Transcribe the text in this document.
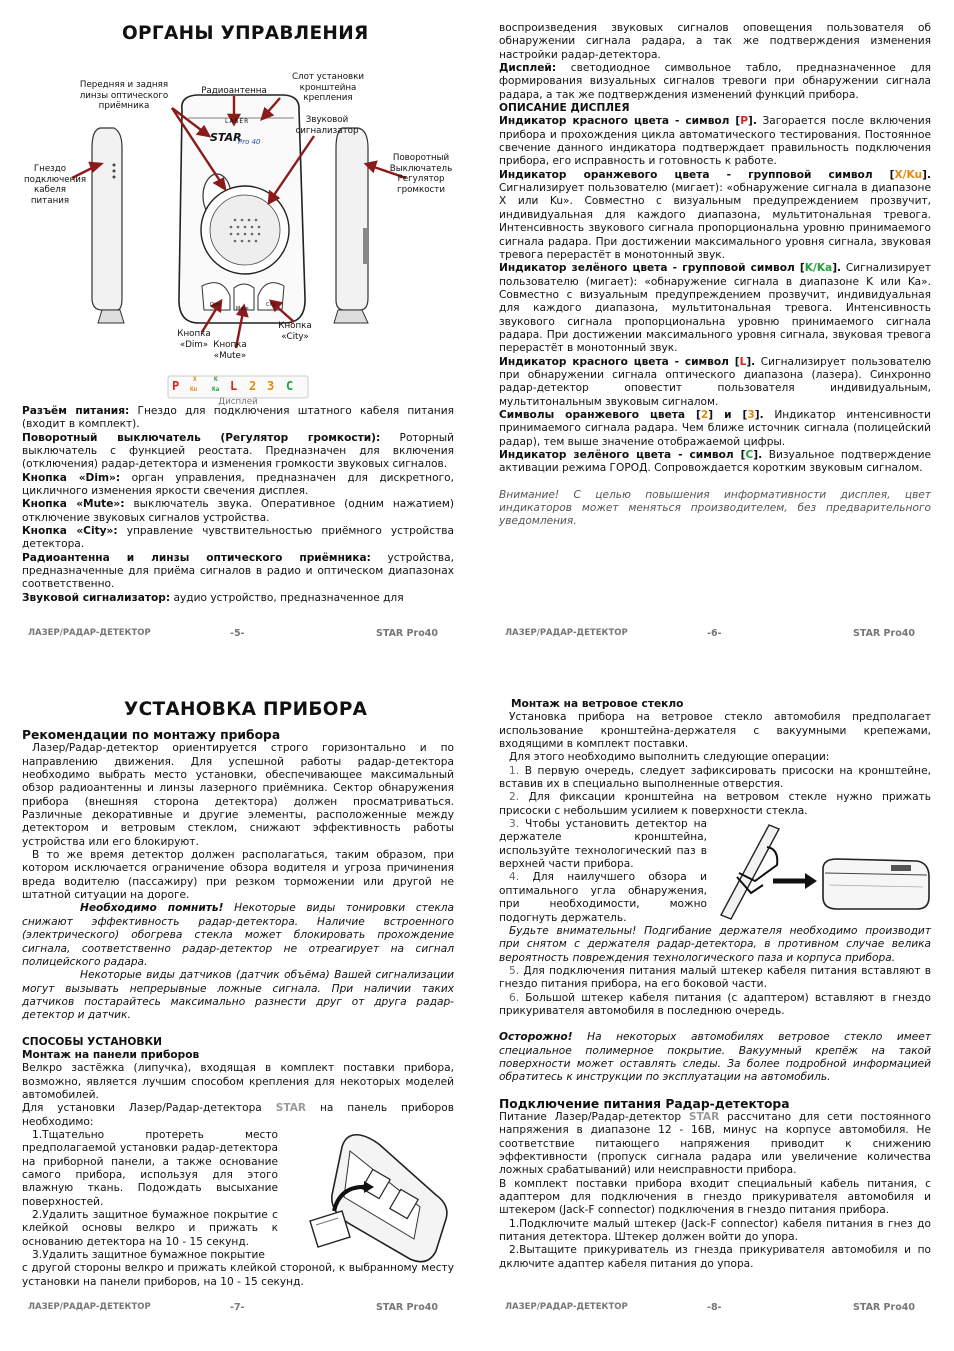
ОРГАНЫ УПРАВЛЕНИЯ
Передняя и задняя линзы оптического приёмника
Радиоантенна
Слот установки кронштейна крепления
Звуковой сигнализатор
Гнездо подключения кабеля питания
Поворотный Выключатель Регулятор громкости
Кнопка «Dim» Кнопка «Mute»
Кнопка «City»
LASER
STAR
Pro 40
Dim
Mute
City
P X
Ku
K
Ka L 2 3 C
Дисплей

Разъём питания: Гнездо для подключения штатного кабеля питания (входит в комплект).

Поворотный выключатель (Регулятор громкости): Роторный выключатель с функцией реостата. Предназначен для включения (отключения) радар-детектора и изменения громкости звуковых сигналов.

Кнопка «Dim»: орган управления, предназначен для дискретного, цикличного изменения яркости свечения дисплея.

Кнопка «Mute»: выключатель звука. Оперативное (одним нажатием) отключение звуковых сигналов устройства.

Кнопка «City»: управление чувствительностью приёмного устройства детектора.

Радиоантенна и линзы оптического приёмника: устройства, предназначенные для приёма сигналов в радио и оптическом диапазонах соответственно.

Звуковой сигнализатор: аудио устройство, предназначенное для

ЛАЗЕР/РАДАР-ДЕТЕКТОР	-5-	STAR Pro40

воспроизведения звуковых сигналов оповещения пользователя об обнаружении сигнала радара, а так же подтверждения изменения настройки радар-детектора.

Дисплей: светодиодное символьное табло, предназначенное для формирования визуальных сигналов тревоги при обнаружении сигнала радара, а так же подтверждения изменений функций прибора.

ОПИСАНИЕ ДИСПЛЕЯ

Индикатор красного цвета - символ [P]. Загорается после включения прибора и прохождения цикла автоматического тестирования. Постоянное свечение данного индикатора подтверждает правильность подключения прибора, его исправность и готовность к работе.

Индикатор оранжевого цвета - групповой символ [X/Ku]. Сигнализирует пользователю (мигает): «обнаружение сигнала в диапазоне X или Ku». Совместно с визуальным предупреждением прозвучит, индивидуальная для каждого диапазона, мультитональная тревога. Интенсивность звукового сигнала пропорциональна уровню принимаемого сигнала радара. При достижении максимального уровня сигнала, звуковая тревога перерастёт в монотонный звук.

Индикатор зелёного цвета - групповой символ [K/Ka]. Сигнализирует пользователю (мигает): «обнаружение сигнала в диапазоне K или Ka». Совместно с визуальным предупреждением прозвучит, индивидуальная для каждого диапазона, мультитональная тревога. Интенсивность звукового сигнала пропорциональна уровню принимаемого сигнала радара. При достижении максимального уровня сигнала, звуковая тревога перерастёт в монотонный звук.

Индикатор красного цвета - символ [L]. Сигнализирует пользователю при обнаружении сигнала оптического диапазона (лазера). Синхронно радар-детектор оповестит пользователя индивидуальным, мультитональным звуковым сигналом.

Символы оранжевого цвета [2] и [3]. Индикатор интенсивности принимаемого сигнала радара. Чем ближе источник сигнала (полицейский радар), тем выше значение отображаемой цифры.

Индикатор зелёного цвета - символ [C]. Визуальное подтверждение активации режима ГОРОД. Сопровождается коротким звуковым сигналом.

Внимание! С целью повышения информативности дисплея, цвет индикаторов может меняться производителем, без предварительного уведомления.

ЛАЗЕР/РАДАР-ДЕТЕКТОР	-6-	STAR Pro40
УСТАНОВКА ПРИБОРА

Рекомендации по монтажу прибора

Лазер/Радар-детектор ориентируется строго горизонтально и по направлению движения. Для успешной работы радар-детектора необходимо выбрать место установки, обеспечивающее максимальный обзор радиоантенны и линзы лазерного приёмника. Сектор обнаружения прибора (внешняя сторона детектора) должен просматриваться. Различные декоративные и другие элементы, расположенные между детектором и ветровым стеклом, снижают эффективность работы устройства или его блокируют.

В то же время детектор должен располагаться, таким образом, при котором исключается ограничение обзора водителя и угроза причинения вреда водителю (пассажиру) при резком торможении или другой не штатной ситуации на дороге.

Необходимо помнить! Некоторые виды тонировки стекла снижают эффективность радар-детектора. Наличие встроенного (электрического) обогрева стекла может блокировать прохождение сигнала, соответственно радар-детектор не отреагирует на сигнал полицейского радара.

Некоторые виды датчиков (датчик объёма) Вашей сигнализации могут вызывать непрерывные ложные сигнала. При наличии таких датчиков постарайтесь максимально разнести друг от друга радар-детектор и датчик.

СПОСОБЫ УСТАНОВКИ

Монтаж на панели приборов

Велкро застёжка (липучка), входящая в комплект поставки прибора, возможно, является лучшим способом крепления для некоторых моделей автомобилей.

Для установки Лазер/Радар-детектора STAR на панель приборов необходимо:

1.Тщательно протереть место предполагаемой установки радар-детектора на приборной панели, а также основание самого прибора, используя для этого влажную ткань. Подождать высыхание поверхностей.

2.Удалить защитное бумажное покрытие с клейкой основы велкро и прижать к основанию детектора на 10 - 15 секунд.

3.Удалить защитное бумажное покрытие

с другой стороны велкро и прижать клейкой стороной, к выбранному месту установки на панели приборов, на 10 - 15 секунд.

ЛАЗЕР/РАДАР-ДЕТЕКТОР	-7-	STAR Pro40

Монтаж на ветровое стекло

Установка прибора на ветровое стекло автомобиля предполагает использование кронштейна-держателя с вакуумными крепежами, входящими в комплект поставки.

Для этого необходимо выполнить следующие операции:

1. В первую очередь, следует зафиксировать присоски на кронштейне, вставив их в специально выполненные отверстия.

2. Для фиксации кронштейна на ветровом стекле нужно прижать присоски с небольшим усилием к поверхности стекла.

3. Чтобы установить детектор на держателе кронштейна, используйте технологический паз в верхней части прибора.

4. Для наилучшего обзора и оптимального угла обнаружения, при необходимости, можно подогнуть держатель.

Будьте внимательны! Подгибание держателя необходимо производит при снятом с держателя радар-детектора, в противном случае велика вероятность повреждения технологического паза и корпуса прибора.

5. Для подключения питания малый штекер кабеля питания вставляют в гнездо питания прибора, на его боковой части.

6. Большой штекер кабеля питания (с адаптером) вставляют в гнездо прикуривателя автомобиля в последнюю очередь.

Осторожно! На некоторых автомобилях ветровое стекло имеет специальное полимерное покрытие. Вакуумный крепёж на такой поверхности может оставлять следы. За более подробной информацией обратитесь к инструкции по эксплуатации на автомобиль.

Подключение питания Радар-детектора

Питание Лазер/Радар-детектор STAR рассчитано для сети постоянного напряжения в диапазоне 12 - 16В, минус на корпусе автомобиля. Не соответствие питающего напряжения приводит к снижению эффективности (пропуск сигнала радара или увеличение количества ложных срабатываний) или неисправности прибора.

В комплект поставки прибора входит специальный кабель питания, с адаптером для подключения в гнездо прикуривателя автомобиля и штекером (Jack-F connector) подключения в гнездо питания прибора.

1.Подключите малый штекер (Jack-F connector) кабеля питания в гнез до питания детектора. Штекер должен войти до упора.

2.Вытащите прикуриватель из гнезда прикуривателя автомобиля и по дключите адаптер кабеля питания до упора.

ЛАЗЕР/РАДАР-ДЕТЕКТОР	-8-	STAR Pro40
